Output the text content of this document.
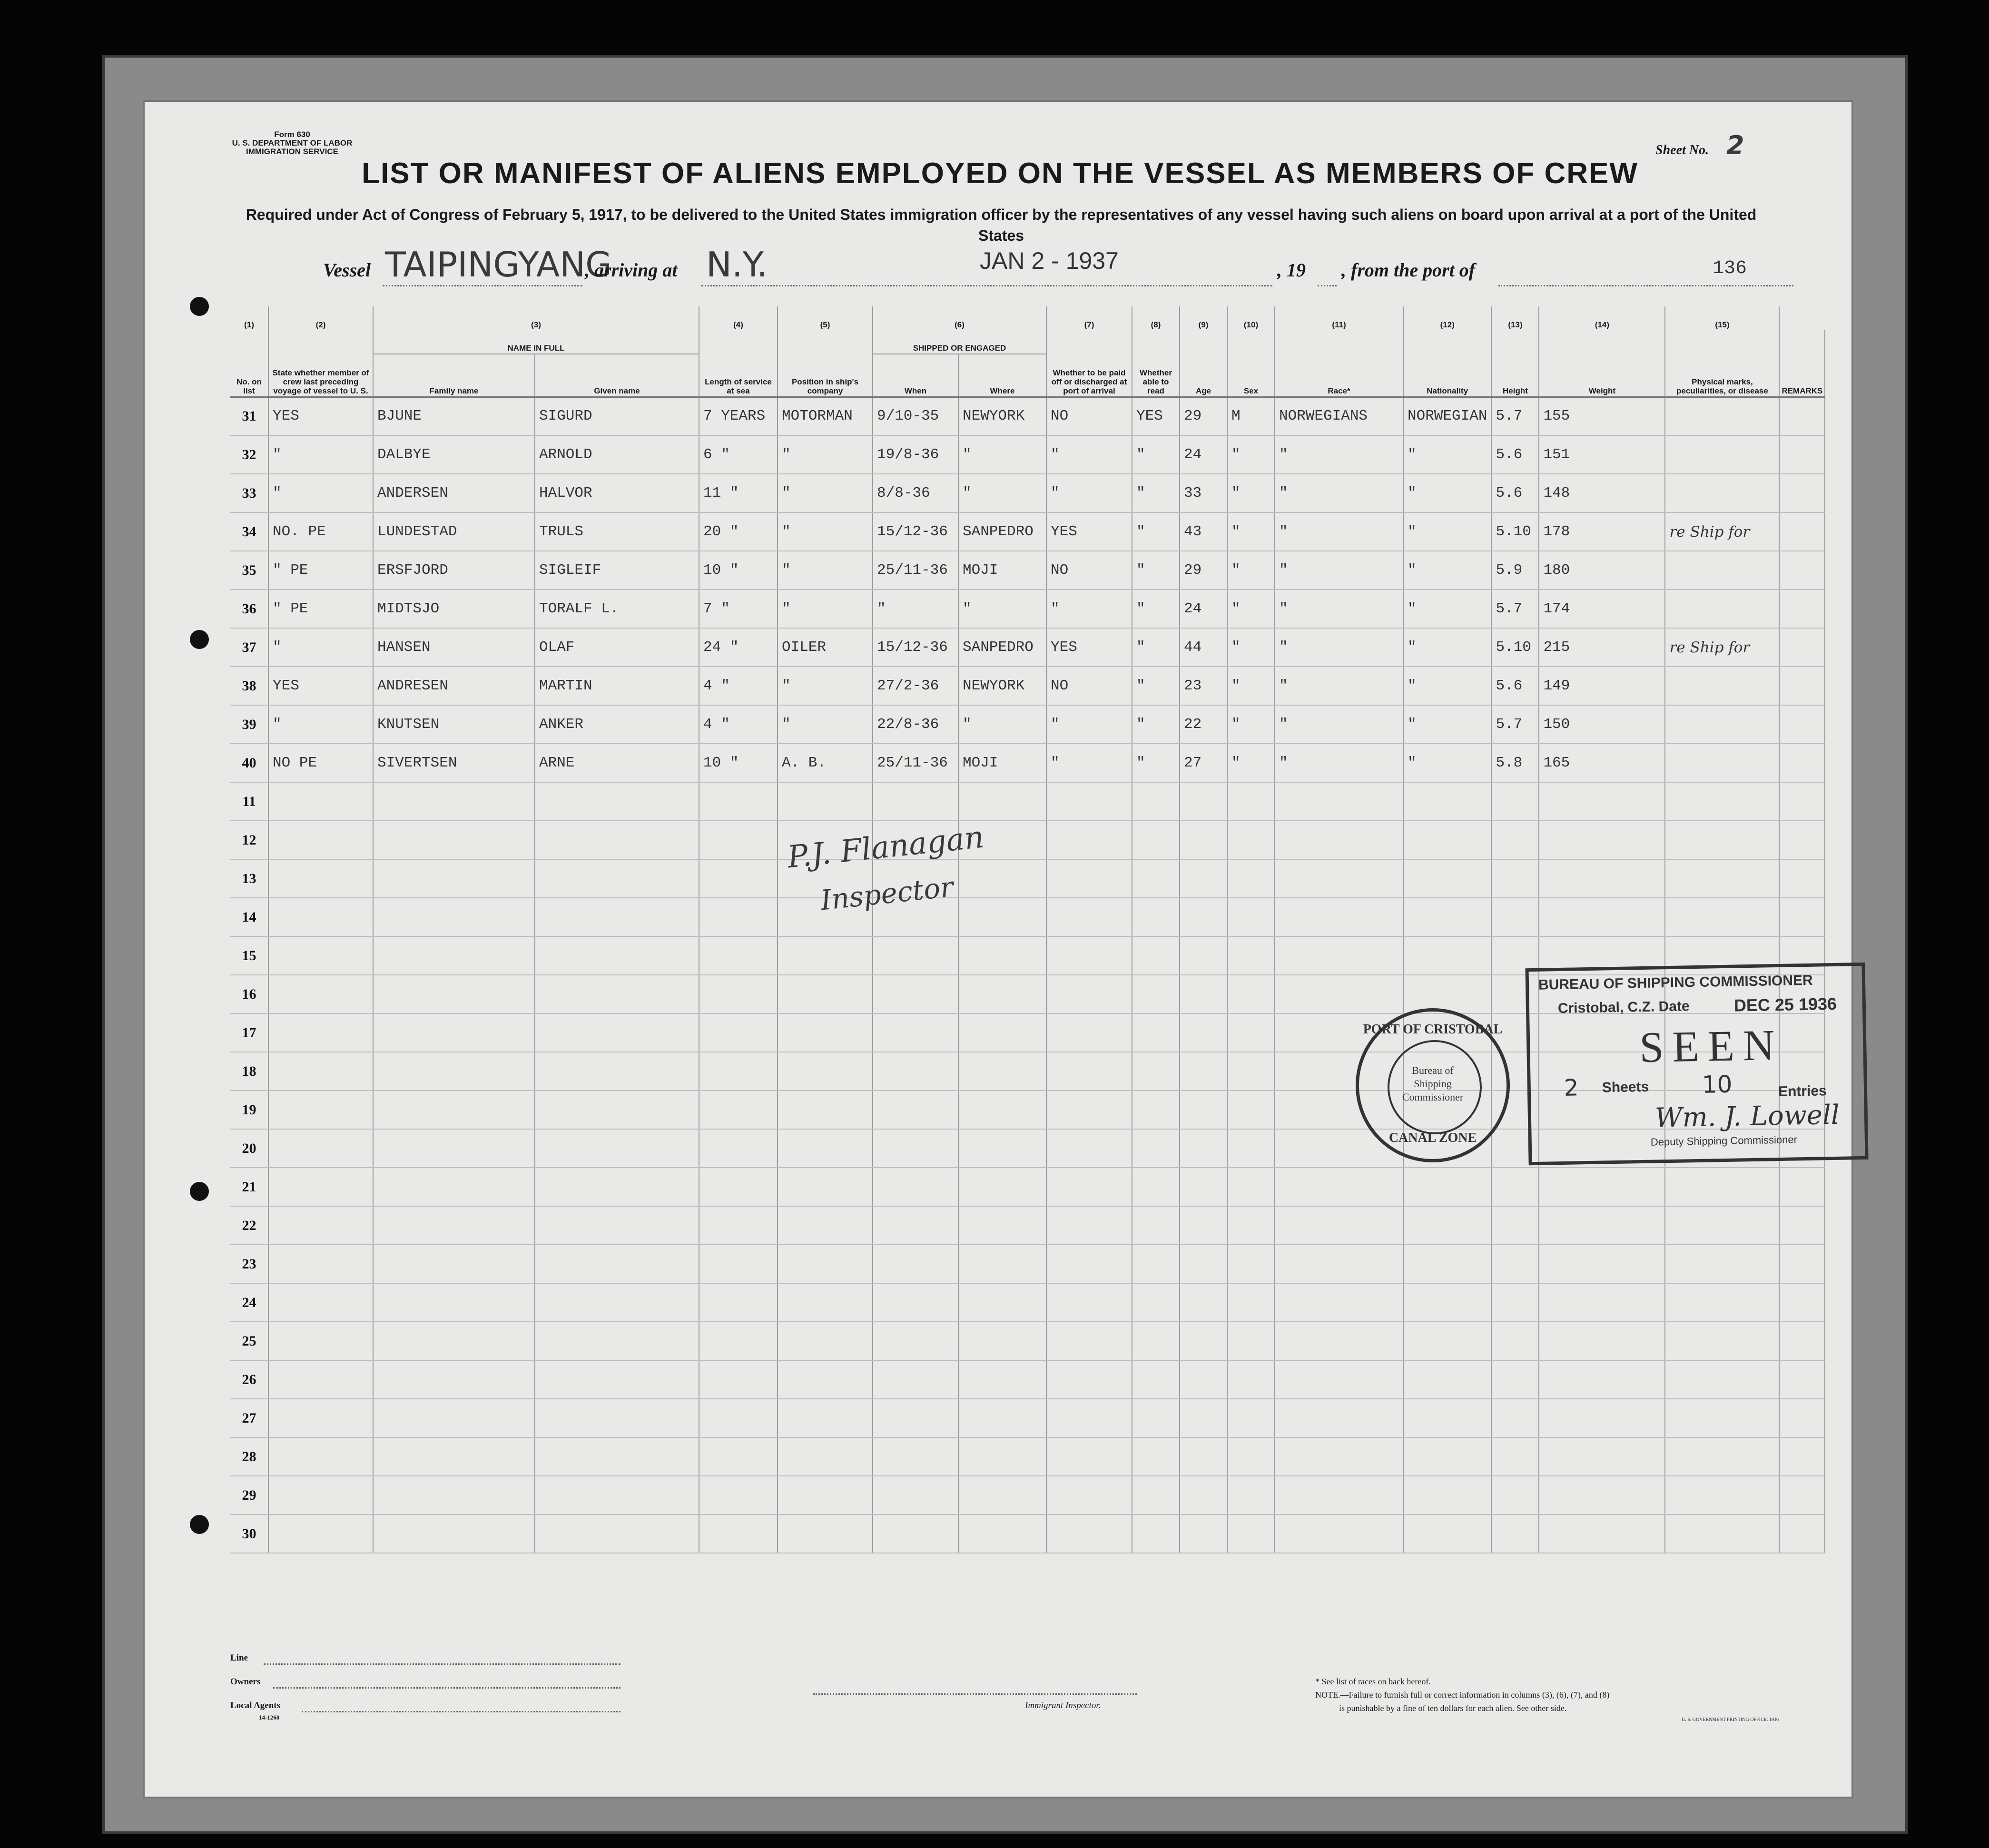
Form 630
U. S. DEPARTMENT OF LABOR
IMMIGRATION SERVICE	Sheet No. 2
LIST OR MANIFEST OF ALIENS EMPLOYED ON THE VESSEL AS MEMBERS OF CREW
Required under Act of Congress of February 5, 1917, to be delivered to the United States immigration officer by the representatives of any vessel having such aliens on board upon arrival at a port of the United States
Vessel TAIPINGYANG
, arriving at N.Y.	JAN 2 - 1937	, 19 , from the port of	136
(1)	(2)	(3)		(4)	(5)	(6)		(7)	(8)	(9)	(10)	(11)	(12)	(13)	(14)	(15)	
No. on list	State whether member of crew last preceding voyage of vessel to U. S.	NAME IN FULL		Length of service at sea	Position in ship's company	SHIPPED OR ENGAGED		Whether to be paid off or discharged at port of arrival	Whether able to read	Age	Sex	Race*	Nationality	Height	Weight	Physical marks, peculiarities, or disease	REMARKS
		Family name	Given name			When	Where										
31	YES	BJUNE	SIGURD	7 YEARS	MOTORMAN	9/10-35	NEWYORK	NO	YES	29	M	NORWEGIANS	NORWEGIAN	5.7	155		
32	"	DALBYE	ARNOLD	6 "	"	19/8-36	"	"	"	24	"	"	"	5.6	151		
33	"	ANDERSEN	HALVOR	11 "	"	8/8-36	"	"	"	33	"	"	"	5.6	148		
34	NO. PE	LUNDESTAD	TRULS	20 "	"	15/12-36	SANPEDRO	YES	"	43	"	"	"	5.10	178	re Ship for	
35	" PE	ERSFJORD	SIGLEIF	10 "	"	25/11-36	MOJI	NO	"	29	"	"	"	5.9	180		
36	" PE	MIDTSJO	TORALF L.	7 "	"	"	"	"	"	24	"	"	"	5.7	174		
37	"	HANSEN	OLAF	24 "	OILER	15/12-36	SANPEDRO	YES	"	44	"	"	"	5.10	215	re Ship for	
38	YES	ANDRESEN	MARTIN	4 "	"	27/2-36	NEWYORK	NO	"	23	"	"	"	5.6	149		
39	"	KNUTSEN	ANKER	4 "	"	22/8-36	"	"	"	22	"	"	"	5.7	150		
40	NO PE	SIVERTSEN	ARNE	10 "	A. B.	25/11-36	MOJI	"	"	27	"	"	"	5.8	165		
11																	
12																	
13																	
14																	
15																	
16																	
17																	
18																	
19																	
20																	
21																	
22																	
23																	
24																	
25																	
26																	
27																	
28																	
29																	
30																	
P.J. Flanagan
Inspector
PORT OF CRISTOBAL
Bureau of Shipping Commissioner
CANAL ZONE
BUREAU OF SHIPPING COMMISSIONER
Cristobal, C.Z. Date	DEC 25 1936
SEEN
2 Sheets 10	Entries
Wm. J. Lowell
Deputy Shipping Commissioner
Line
Owners
Local Agents
14-1260
Immigrant Inspector.
* See list of races on back hereof.
NOTE.—Failure to furnish full or correct information in columns (3), (6), (7), and (8)
is punishable by a fine of ten dollars for each alien. See other side.
U. S. GOVERNMENT PRINTING OFFICE: 1936
